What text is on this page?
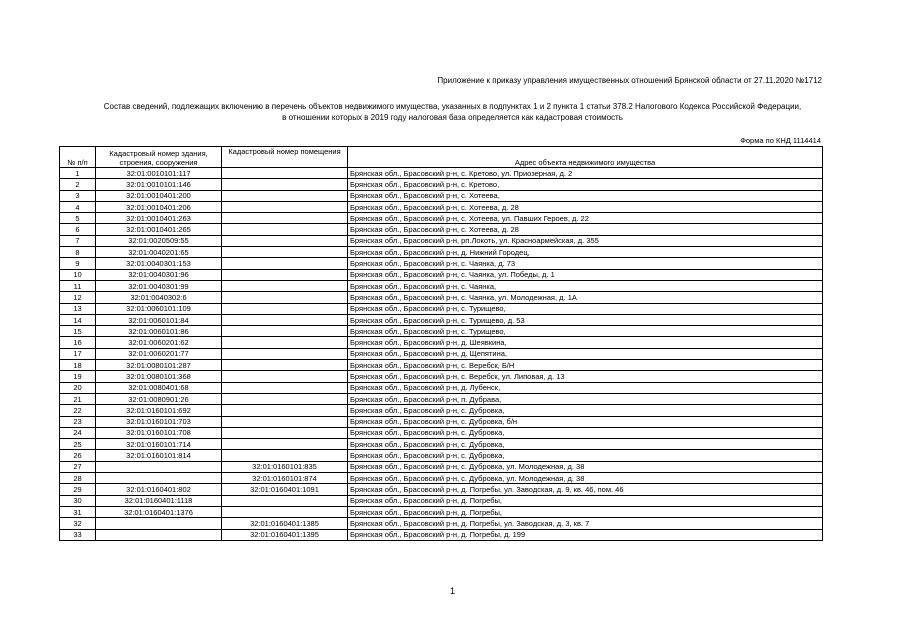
Приложение к приказу управления имущественных отношений Брянской области от 27.11.2020 №1712
Состав сведений, подлежащих включению в перечень объектов недвижимого имущества, указанных в подпунктах 1 и 2 пункта 1 статьи 378.2 Налогового Кодекса Российской Федерации,
в отношении которых в 2019 году налоговая база определяется как кадастровая стоимость
Форма по КНД 1114414
№ п/п	Кадастровый номер здания, строения, сооружения	Кадастровый номер помещения	Адрес объекта недвижимого имущества
1	32:01:0010101:117		Брянская обл., Брасовский р-н, с. Кретово, ул. Приозерная, д. 2
2	32:01:0010101:146		Брянская обл., Брасовский р-н, с. Кретово,
3	32:01:0010401:200		Брянская обл., Брасовский р-н, с. Хотеева,
4	32:01:0010401:206		Брянская обл., Брасовский р-н, с. Хотеева, д. 28
5	32:01:0010401:263		Брянская обл., Брасовский р-н, с. Хотеева, ул. Павших Героев, д. 22
6	32:01:0010401:265		Брянская обл., Брасовский р-н, с. Хотеева, д. 28
7	32:01:0020509:55		Брянская обл., Брасовский р-н, рп.Локоть, ул. Красноармейская, д. 355
8	32:01:0040201:65		Брянская обл., Брасовский р-н, д. Нижний Городец,
9	32:01:0040301:153		Брянская обл., Брасовский р-н, с. Чаянка, д. 73
10	32:01:0040301:96		Брянская обл., Брасовский р-н, с. Чаянка, ул. Победы, д. 1
11	32:01:0040301:99		Брянская обл., Брасовский р-н, с. Чаянка,
12	32:01:0040302:6		Брянская обл., Брасовский р-н, с. Чаянка, ул. Молодежная, д. 1А
13	32:01:0060101:109		Брянская обл., Брасовский р-н, с. Турищево,
14	32:01:0060101:84		Брянская обл., Брасовский р-н, с. Турищево, д. 53
15	32:01:0060101:86		Брянская обл., Брасовский р-н, с. Турищево,
16	32:01:0060201:62		Брянская обл., Брасовский р-н, д. Шеявкина,
17	32:01:0060201:77		Брянская обл., Брасовский р-н, д. Щепятина,
18	32:01:0080101:287		Брянская обл., Брасовский р-н, с. Веребск, Б/Н
19	32:01:0080101:368		Брянская обл., Брасовский р-н, с. Веребск, ул. Липовая, д. 13
20	32:01:0080401:68		Брянская обл., Брасовский р-н, д. Лубенск,
21	32:01:0080901:26		Брянская обл., Брасовский р-н, п. Дубрава,
22	32:01:0160101:692		Брянская обл., Брасовский р-н, с. Дубровка,
23	32:01:0160101:703		Брянская обл., Брасовский р-н, с. Дубровка, б/н
24	32:01:0160101:708		Брянская обл., Брасовский р-н, с. Дубровка,
25	32:01:0160101:714		Брянская обл., Брасовский р-н, с. Дубровка,
26	32:01:0160101:814		Брянская обл., Брасовский р-н, с. Дубровка,
27		32:01:0160101:835	Брянская обл., Брасовский р-н, с. Дубровка, ул. Молодежная, д. 38
28		32:01:0160101:874	Брянская обл., Брасовский р-н, с. Дубровка, ул. Молодежная, д. 38
29	32:01:0160401:802	32:01:0160401:1091	Брянская обл., Брасовский р-н, д. Погребы, ул. Заводская, д. 9, кв. 46, пом. 46
30	32:01:0160401:1118		Брянская обл., Брасовский р-н, д. Погребы,
31	32:01:0160401:1376		Брянская обл., Брасовский р-н, д. Погребы,
32		32:01:0160401:1385	Брянская обл., Брасовский р-н, д. Погребы, ул. Заводская, д. 3, кв. 7
33		32:01:0160401:1395	Брянская обл., Брасовский р-н, д. Погребы, д. 199
1
